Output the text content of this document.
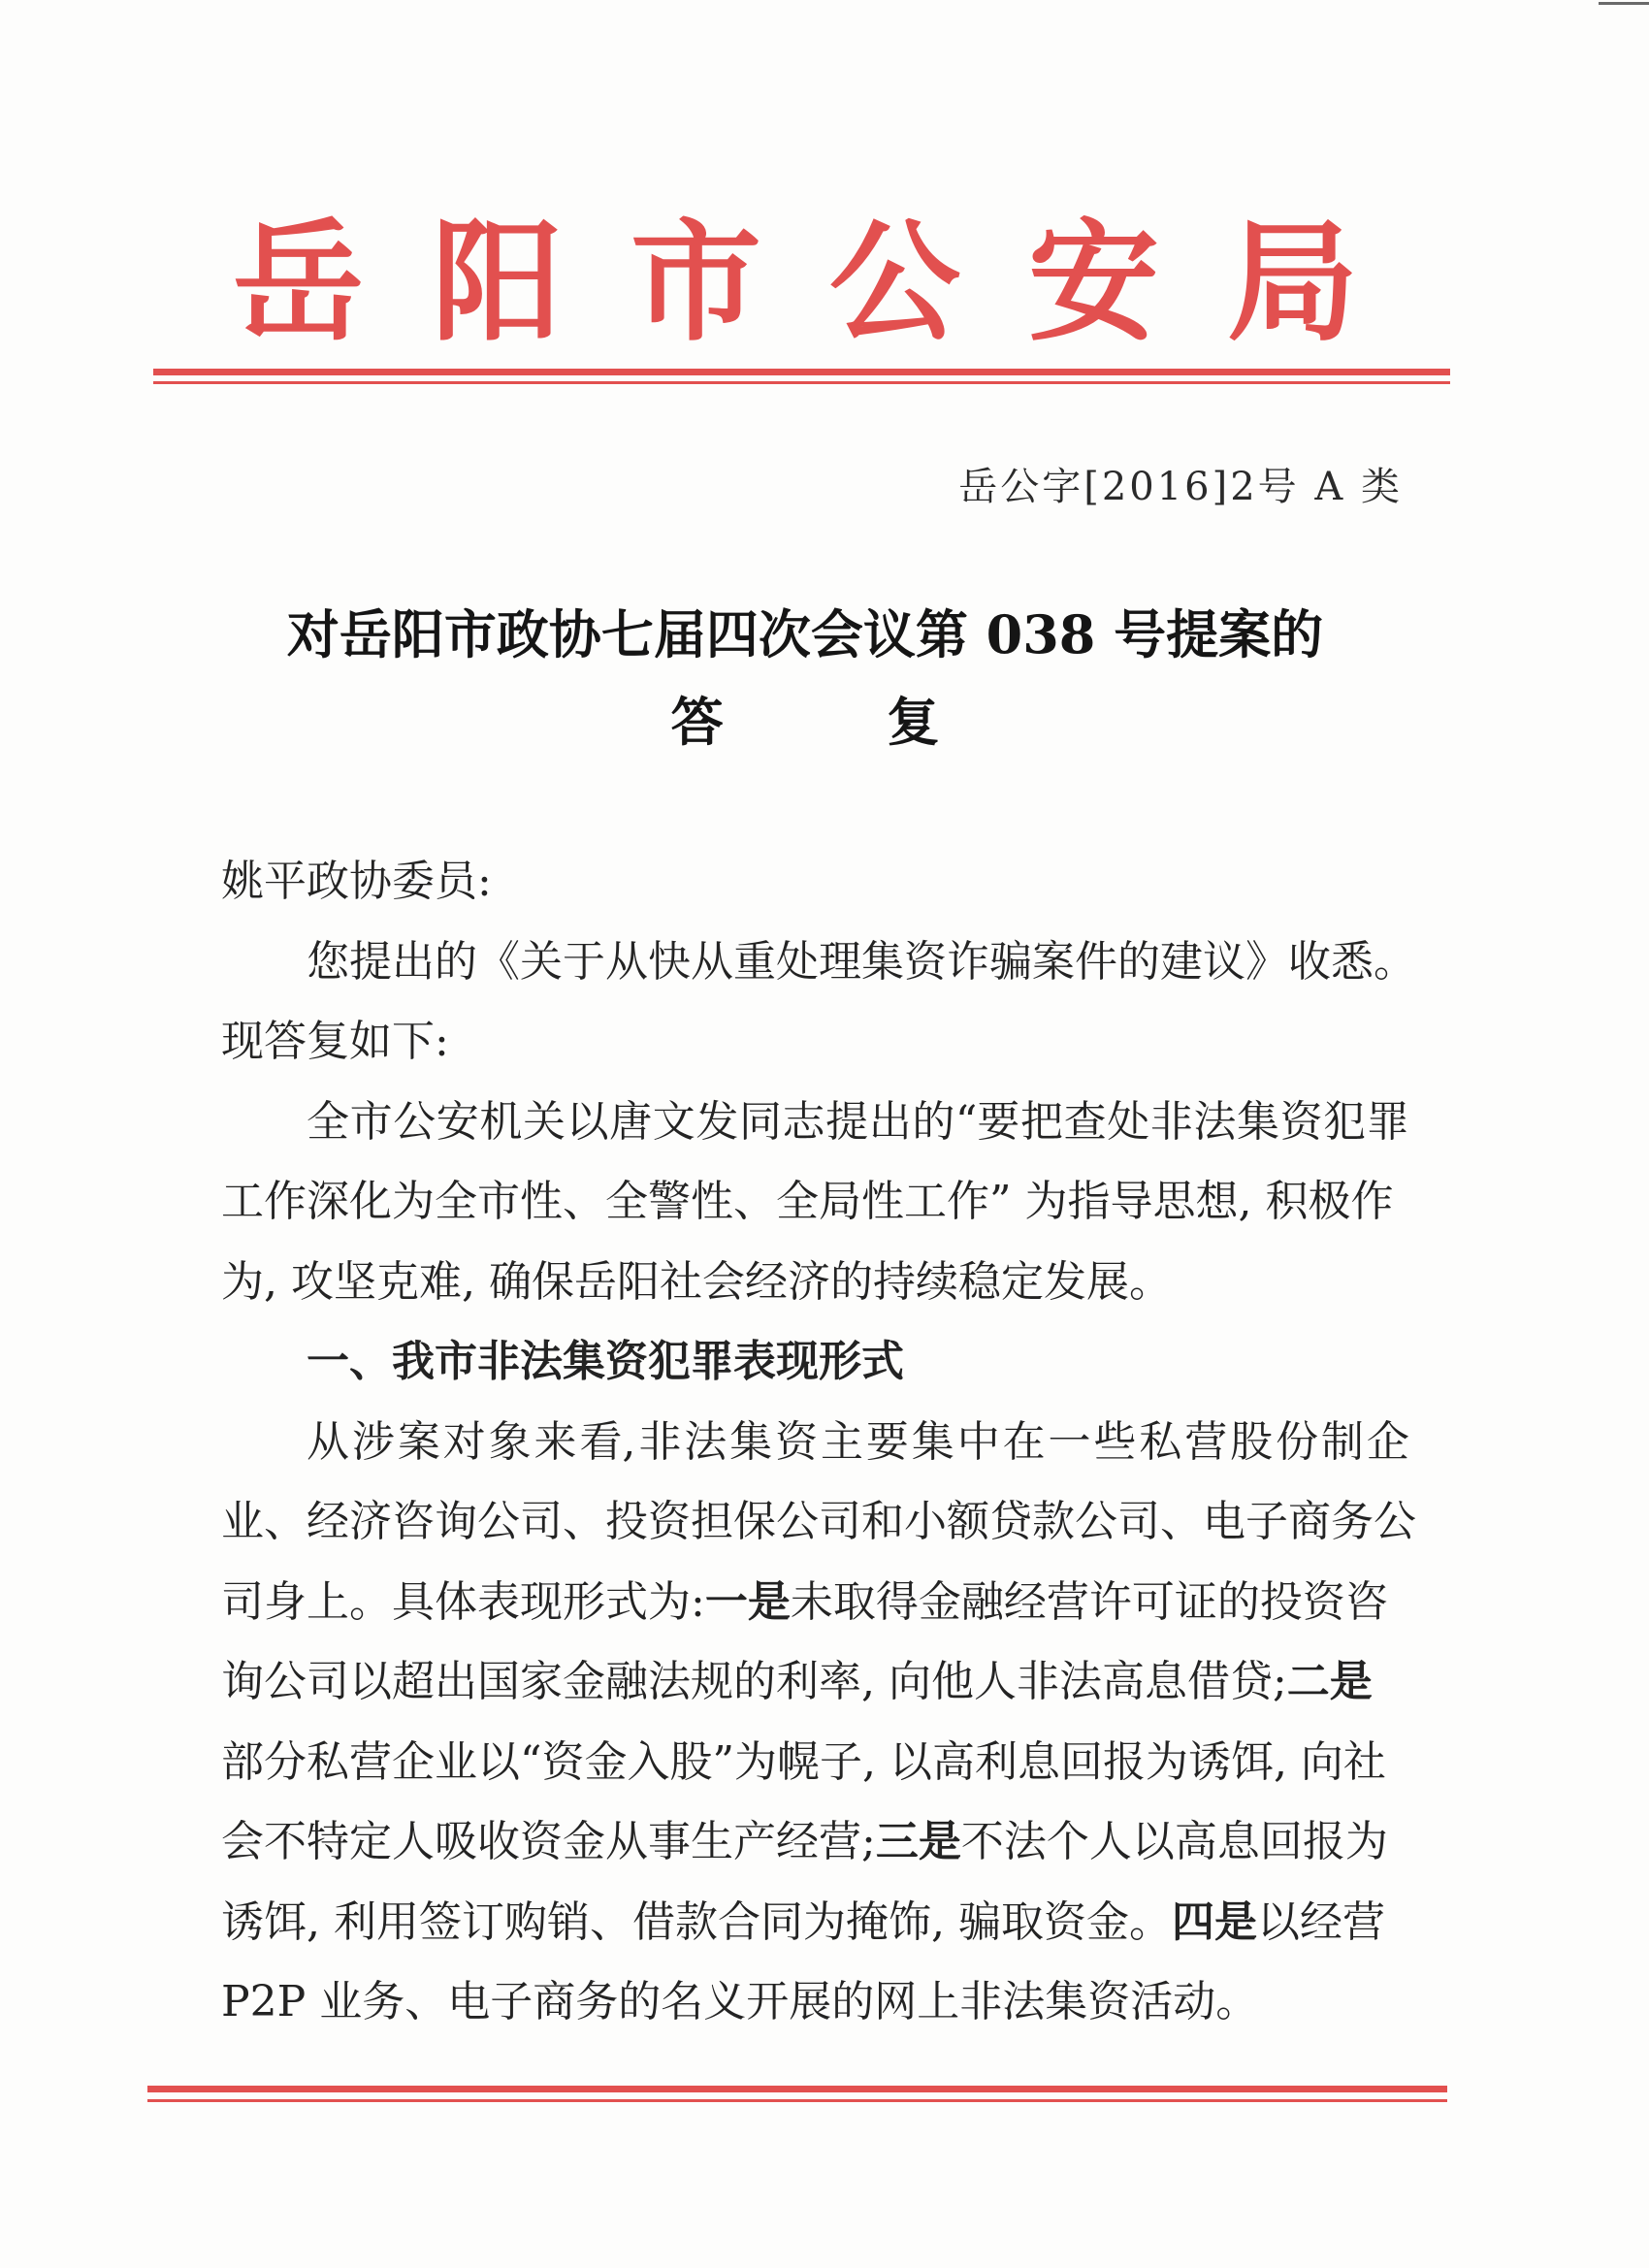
岳 阳 市 公 安 局
岳公字[2016]2号 A 类
对岳阳市政协七届四次会议第 038 号提案的
答 复
姚平政协委员:
您提出的《关于从快从重处理集资诈骗案件的建议》收悉。
现答复如下:
全 市 公 安 机 关 以 唐 文 发 同 志 提 出 的 “要 把 查 处 非 法 集 资 犯 罪
工作深化为全市性、全警性、全局性工作” 为指导思想, 积极作
为, 攻坚克难, 确保岳阳社会经济的持续稳定发展。
一、我市非法集资犯罪表现形式
从 涉 案 对 象 来 看, 非 法 集 资 主 要 集 中 在 一 些 私 营 股 份 制 企
业、 经 济 咨 询 公 司、 投 资 担 保 公 司 和 小 额 贷 款 公 司、 电 子 商 务 公
司身上。具体表现形式为:一是未取得金融经营许可证的投资咨
询公司以超出国家金融法规的利率, 向他人非法高息借贷;二是
部分私营企业以“资金入股”为幌子, 以高利息回报为诱饵, 向社
会不特定人吸收资金从事生产经营;三是不法个人以高息回报为
诱饵, 利用签订购销、借款合同为掩饰, 骗取资金。四是以经营
P2P 业务、电子商务的名义开展的网上非法集资活动。
